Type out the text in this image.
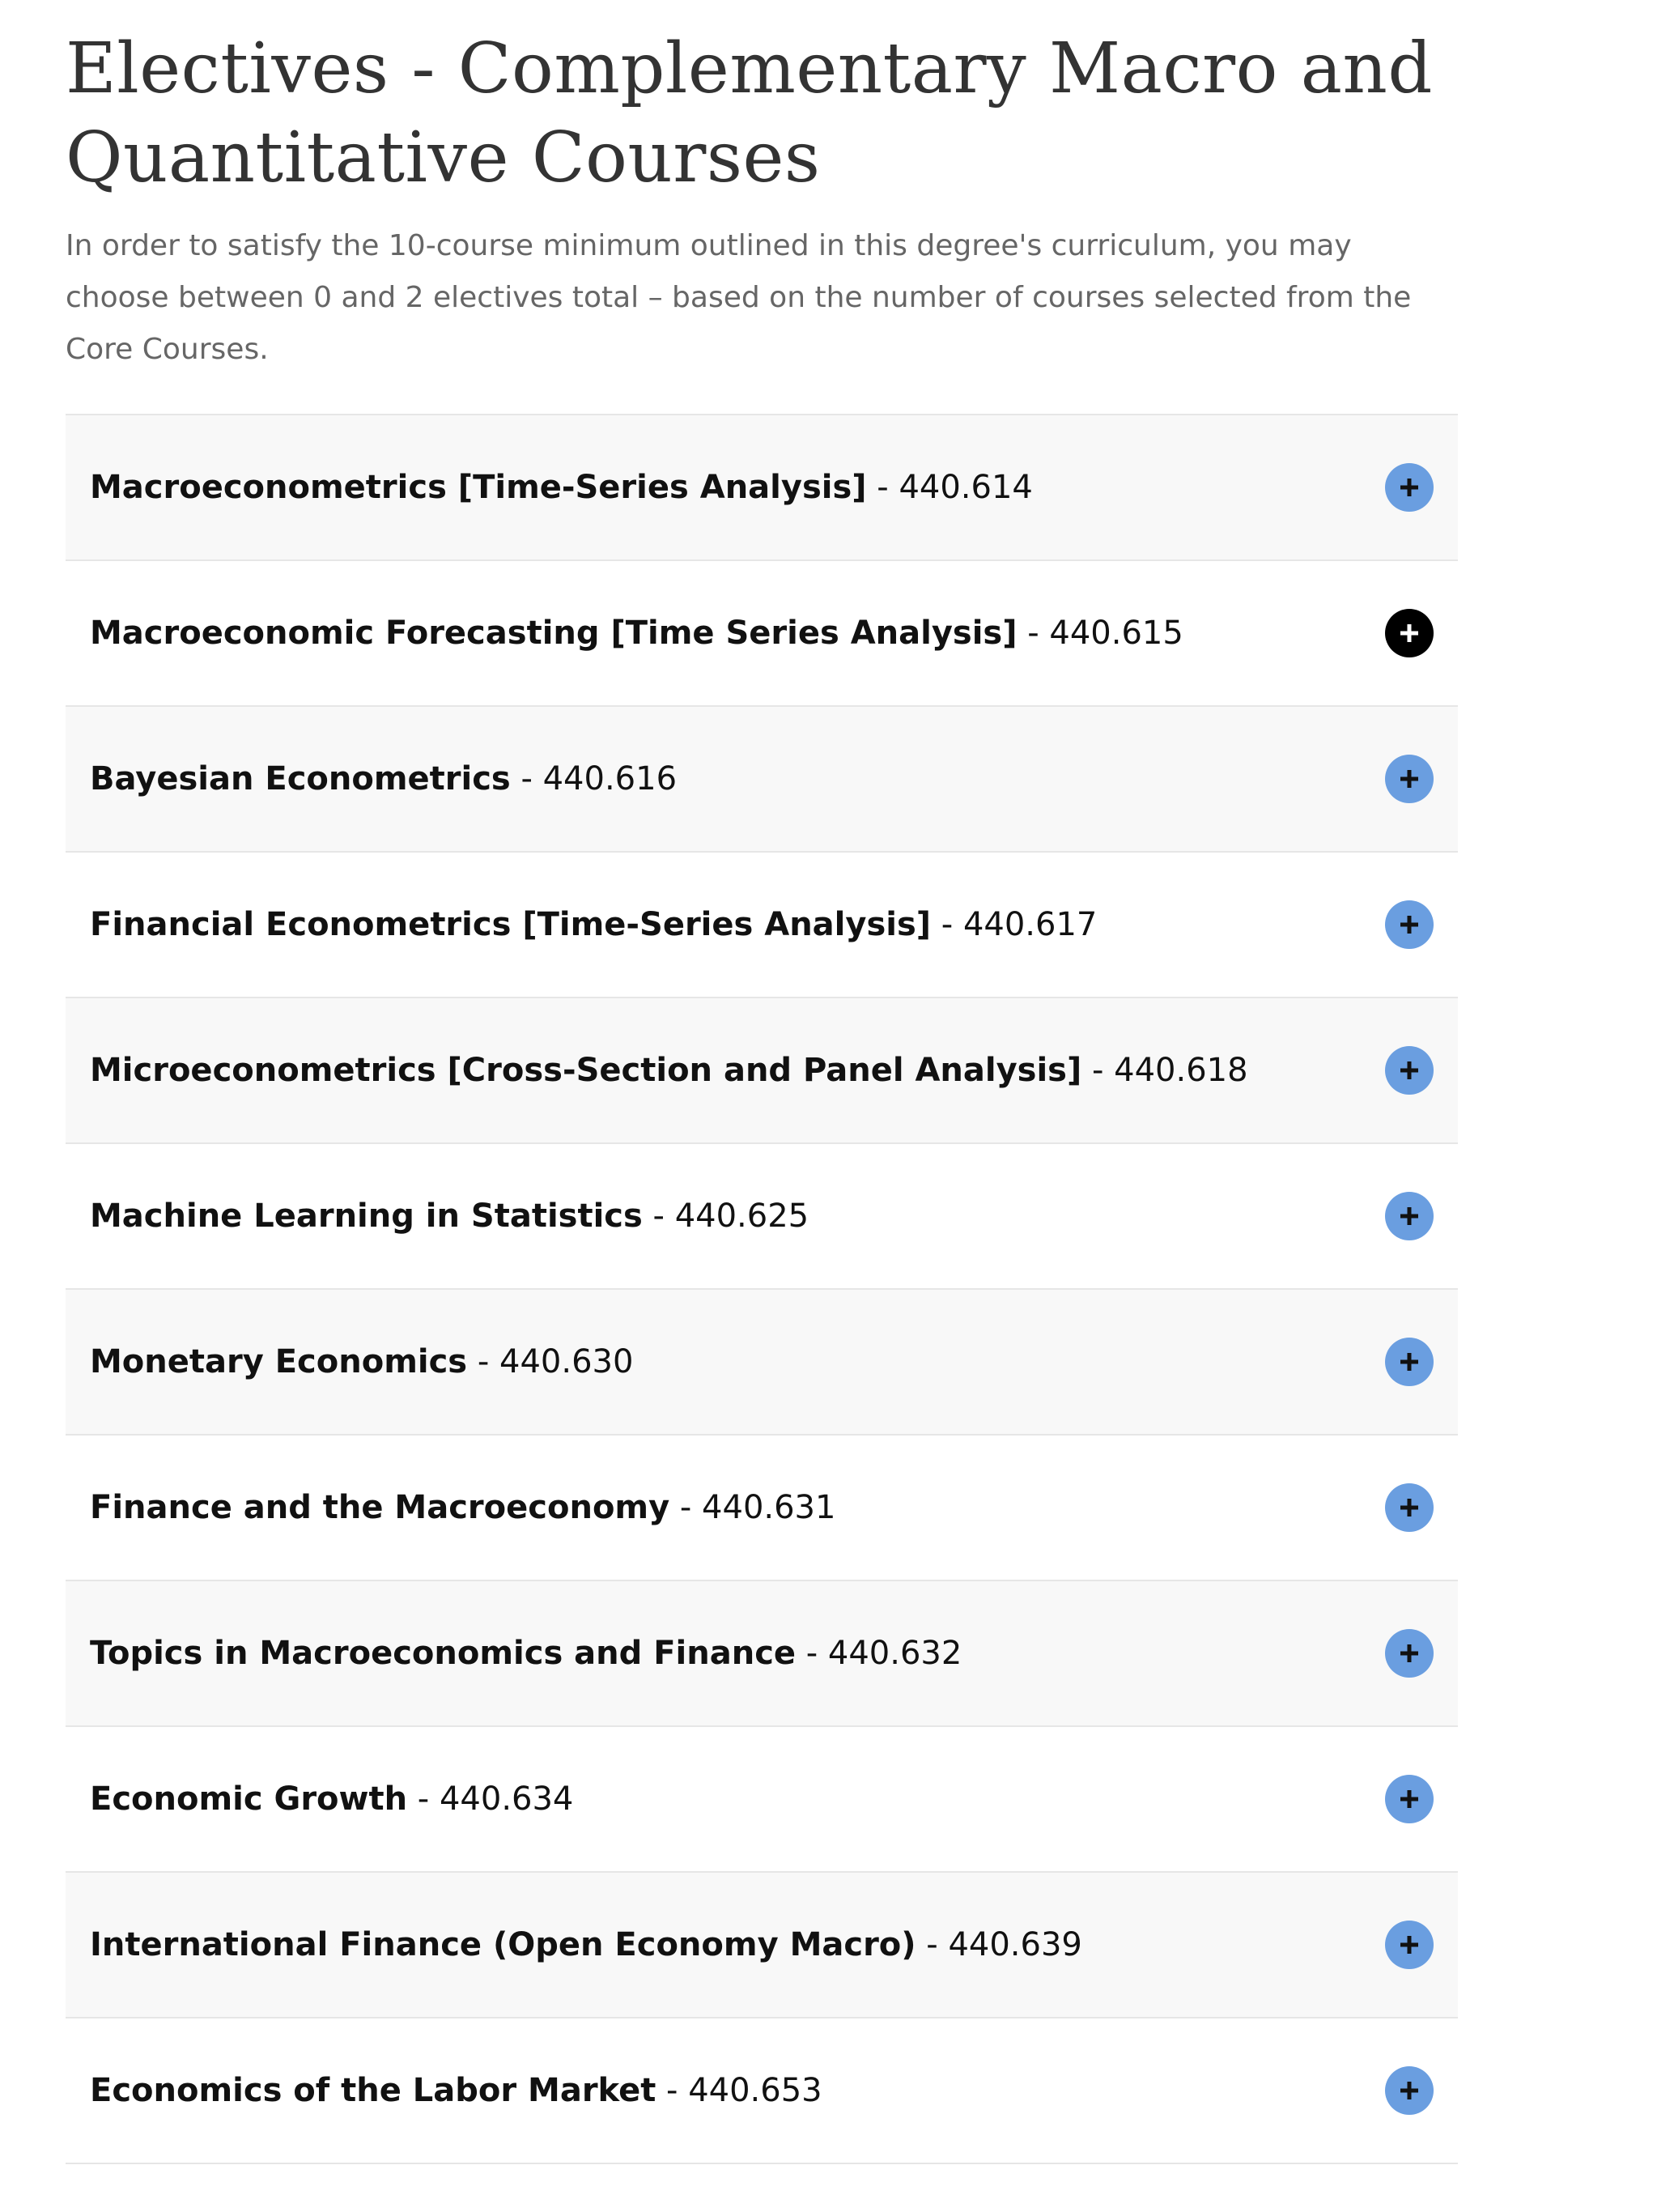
Electives - Complementary Macro and Quantitative Courses

In order to satisfy the 10-course minimum outlined in this degree's curriculum, you may choose between 0 and 2 electives total – based on the number of courses selected from the Core Courses.

Macroeconometrics [Time-Series Analysis] - 440.614
Macroeconomic Forecasting [Time Series Analysis] - 440.615
Bayesian Econometrics - 440.616
Financial Econometrics [Time-Series Analysis] - 440.617
Microeconometrics [Cross-Section and Panel Analysis] - 440.618
Machine Learning in Statistics - 440.625
Monetary Economics - 440.630
Finance and the Macroeconomy - 440.631
Topics in Macroeconomics and Finance - 440.632
Economic Growth - 440.634
International Finance (Open Economy Macro) - 440.639
Economics of the Labor Market - 440.653
